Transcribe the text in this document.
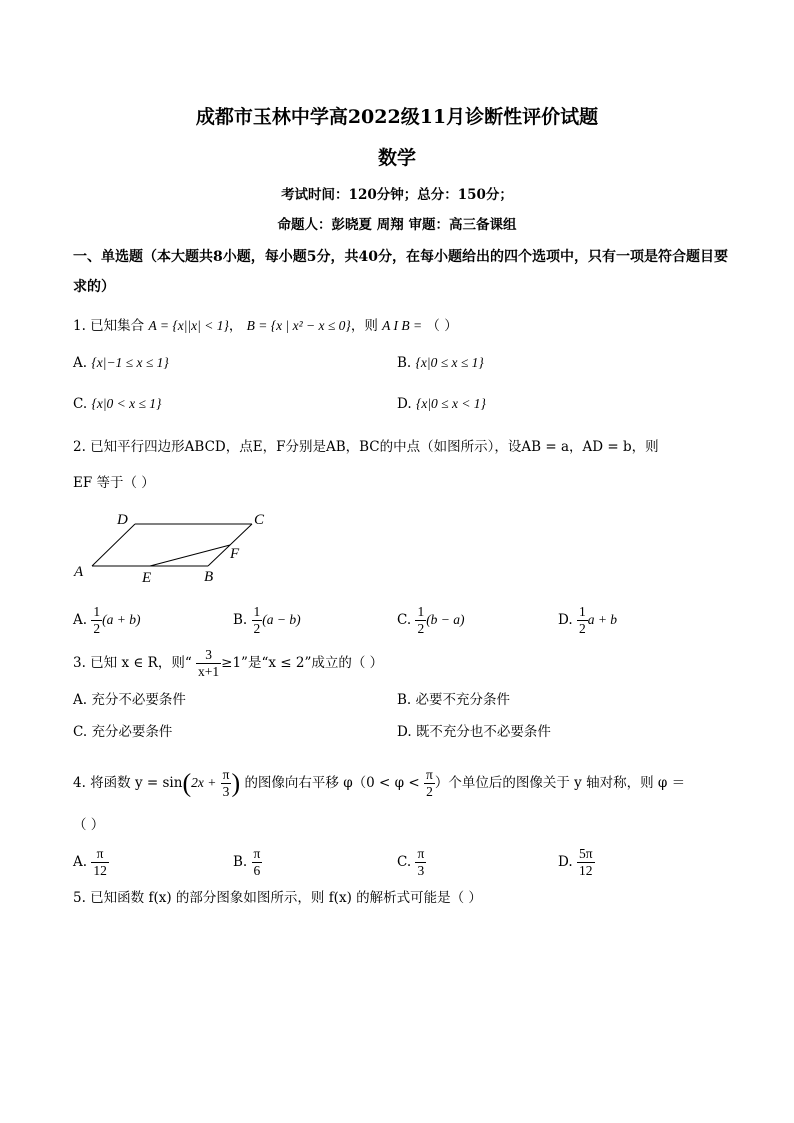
成都市玉林中学高2022级11月诊断性评价试题
数学
考试时间：120分钟；总分：150分；
命题人：彭晓夏 周翔 审题：高三备课组
一、单选题（本大题共8小题，每小题5分，共40分，在每小题给出的四个选项中，只有一项是符合题目要求的）
1. 已知集合 A = {x||x| < 1}， B = {x | x² − x ≤ 0}，则 A I B = （ ）
A. {x|−1 ≤ x ≤ 1}	B. {x|0 ≤ x ≤ 1}
C. {x|0 < x ≤ 1}	D. {x|0 ≤ x < 1}
2. 已知平行四边形ABCD，点E，F分别是AB，BC的中点（如图所示），设AB = a，AD = b，则
EF 等于（ ）
D	C
F
A	E	B
A. $\frac{1}{2} (a + b)$	B. $\frac{1}{2} (a - b)$	C. $\frac{1}{2} (b - a)$	D. $\frac{1}{2}$ a + b
3. 已知 x ∈ R，则“ $\frac{3}{x+1} \ge 1$”是“x ≤ 2”成立的（ ）
A. 充分不必要条件	B. 必要不充分条件
C. 充分必要条件	D. 既不充分也不必要条件
4. 将函数 $y = \sin(2x + \frac{\pi}{3}$ ) 的图像向右平移 $\varphi(0 < \varphi < \frac{\pi}{2}$ ）个单位后的图像关于 y 轴对称，则 φ ＝
（ ）
A. $\frac{\pi}{12}$	B. $\frac{\pi}{6}$	C. $\frac{\pi}{3}$	D. $\frac{5\pi}{12}$
5. 已知函数 f(x) 的部分图象如图所示，则 f(x) 的解析式可能是（ ）
